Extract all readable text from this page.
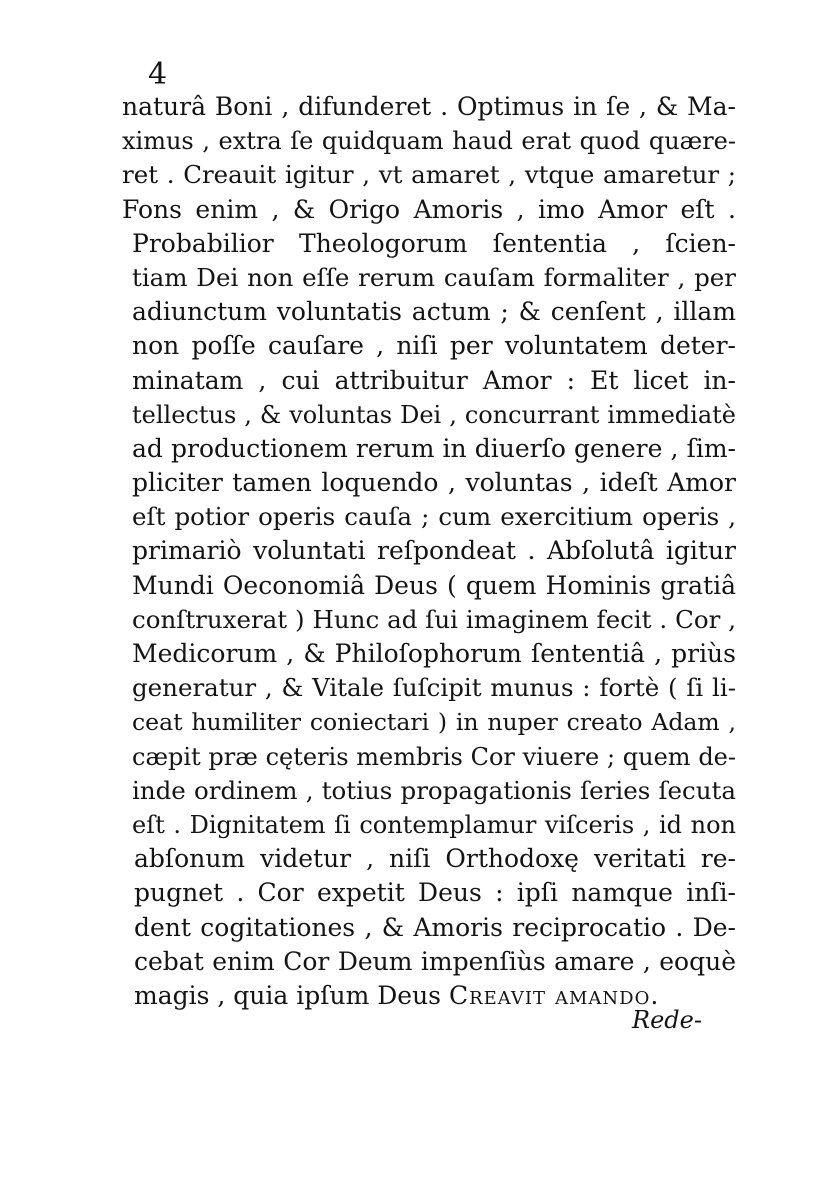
4
naturâ Boni , difunderet . Optimus in ſe , & Ma-
ximus , extra ſe quidquam haud erat quod quære-
ret . Creauit igitur , vt amaret , vtque amaretur ;
Fons enim , & Origo Amoris , imo Amor eſt .
Probabilior Theologorum ſententia , ſcien-
tiam Dei non eſſe rerum cauſam formaliter , per
adiunctum voluntatis actum ; & cenſent , illam
non poſſe cauſare , niſi per voluntatem deter-
minatam , cui attribuitur Amor : Et licet in-
tellectus , & voluntas Dei , concurrant immediatè
ad productionem rerum in diuerſo genere , ſim-
pliciter tamen loquendo , voluntas , ideſt Amor
eſt potior operis cauſa ; cum exercitium operis ,
primariò voluntati reſpondeat . Abſolutâ igitur
Mundi Oeconomiâ Deus ( quem Hominis gratiâ
conſtruxerat ) Hunc ad ſui imaginem fecit . Cor ,
Medicorum , & Philoſophorum ſententiâ , priùs
generatur , & Vitale ſuſcipit munus : fortè ( ſi li-
ceat humiliter coniectari ) in nuper creato Adam ,
cæpit præ cęteris membris Cor viuere ; quem de-
inde ordinem , totius propagationis ſeries ſecuta
eſt . Dignitatem ſi contemplamur viſceris , id non
abſonum videtur , niſi Orthodoxę veritati re-
pugnet . Cor expetit Deus : ipſi namque inſi-
dent cogitationes , & Amoris reciprocatio . De-
cebat enim Cor Deum impenſiùs amare , eoquè
magis , quia ipſum Deus Creavit amando.
Rede-
